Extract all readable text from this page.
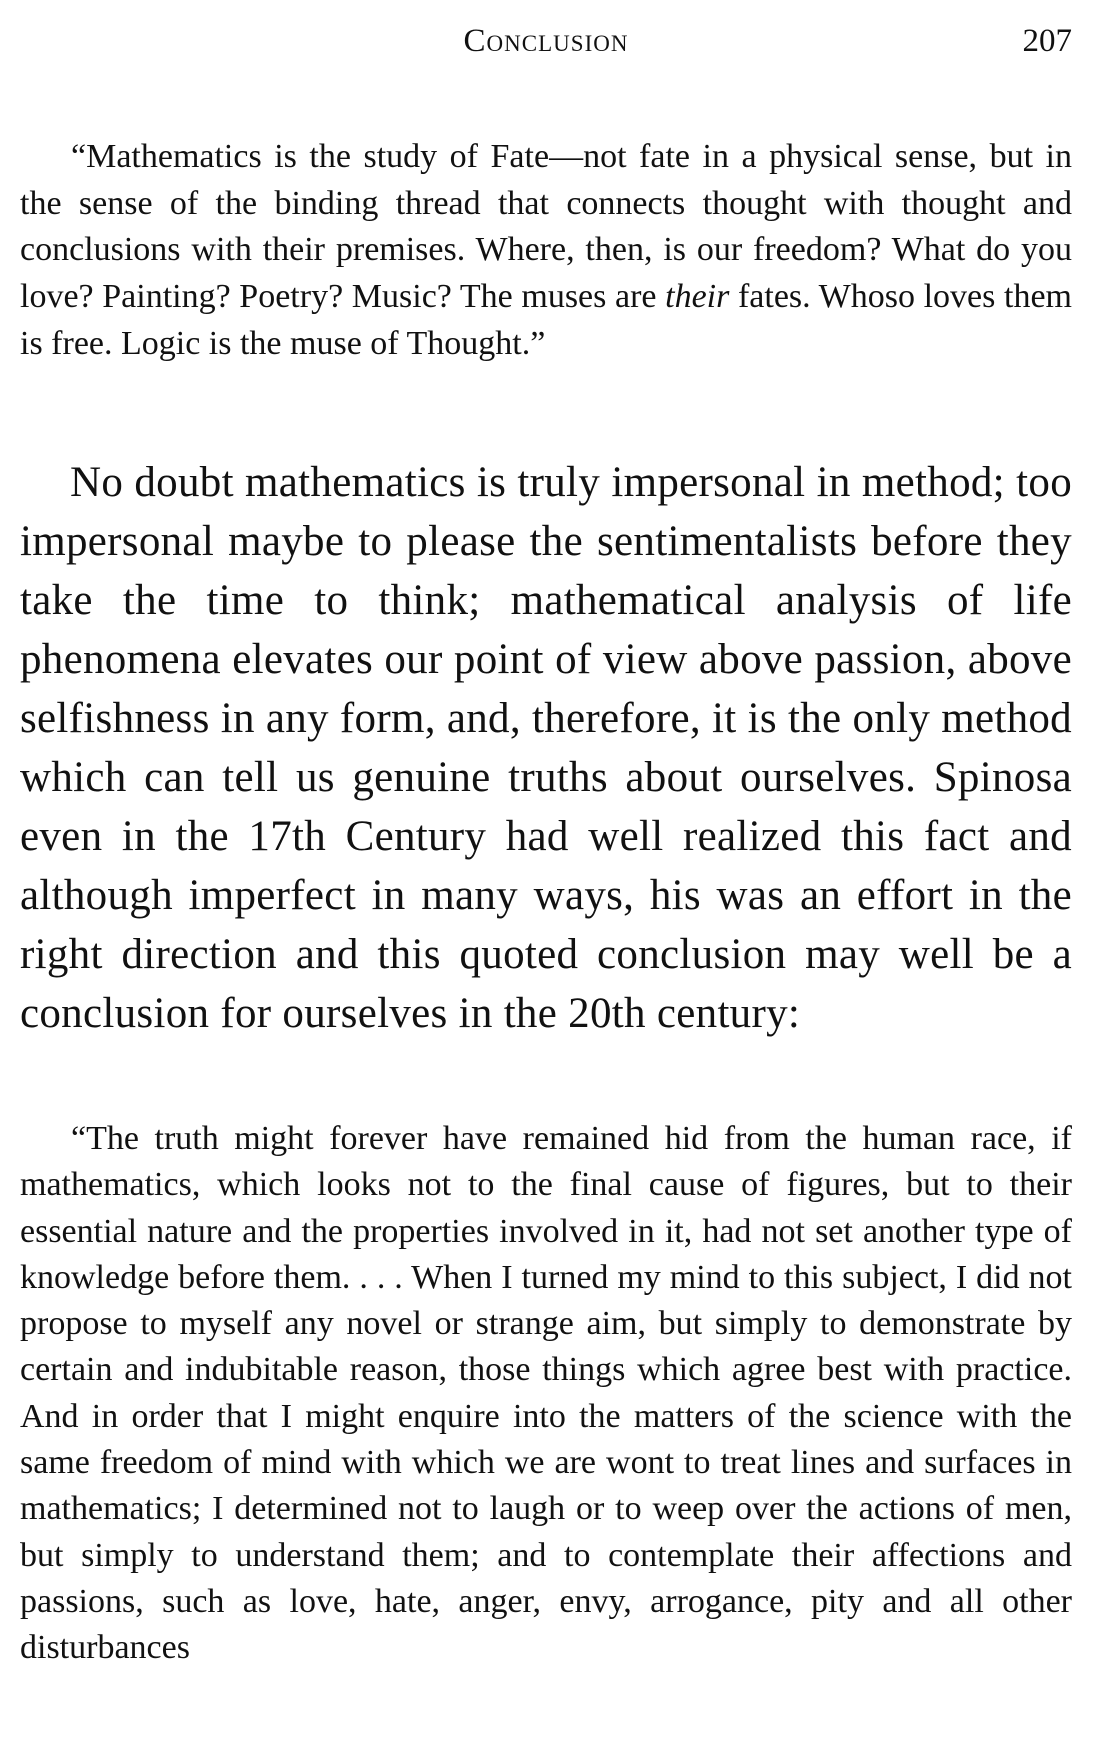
Conclusion	207

“Mathematics is the study of Fate—not fate in a physical sense, but in the sense of the binding thread that connects thought with thought and conclusions with their premises. Where, then, is our freedom? What do you love? Painting? Poetry? Music? The muses are their fates. Whoso loves them is free. Logic is the muse of Thought.”

No doubt mathematics is truly impersonal in method; too impersonal maybe to please the sentimentalists before they take the time to think; mathematical analysis of life phenomena elevates our point of view above passion, above selfishness in any form, and, therefore, it is the only method which can tell us genuine truths about ourselves. Spinosa even in the 17th Century had well realized this fact and although imperfect in many ways, his was an effort in the right direction and this quoted conclusion may well be a conclusion for ourselves in the 20th century:

“The truth might forever have remained hid from the human race, if mathematics, which looks not to the final cause of figures, but to their essential nature and the properties involved in it, had not set another type of knowledge before them. . . . When I turned my mind to this subject, I did not propose to myself any novel or strange aim, but simply to demonstrate by certain and indubitable reason, those things which agree best with practice. And in order that I might enquire into the matters of the science with the same freedom of mind with which we are wont to treat lines and surfaces in mathematics; I determined not to laugh or to weep over the actions of men, but simply to understand them; and to contemplate their affections and passions, such as love, hate, anger, envy, arrogance, pity and all other disturbances
